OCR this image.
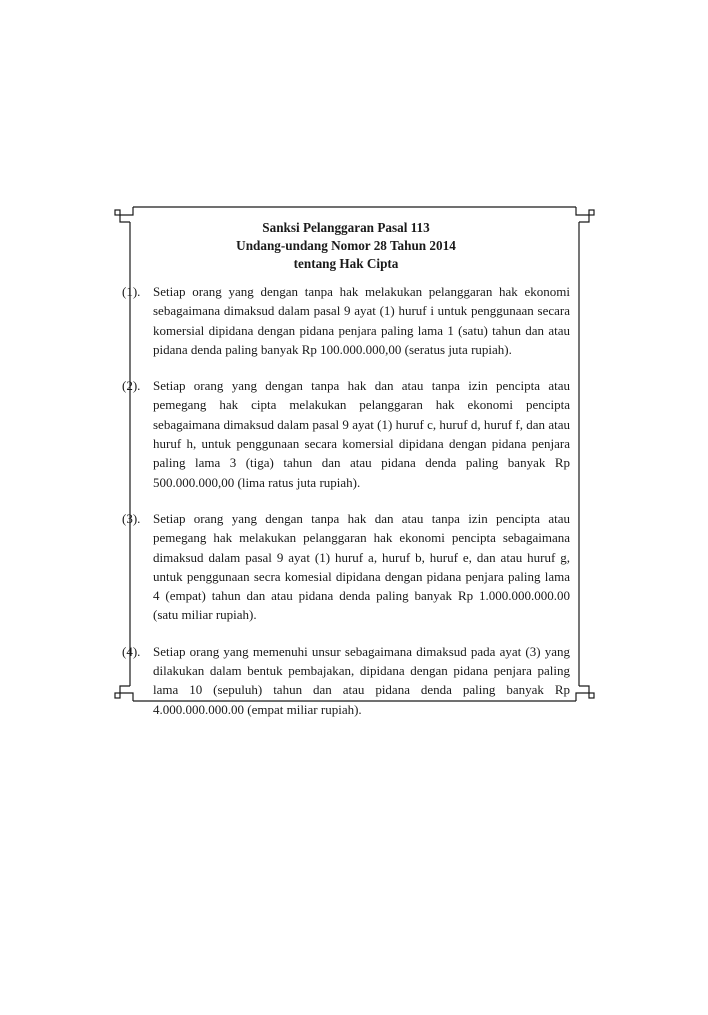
Sanksi Pelanggaran Pasal 113
Undang-undang Nomor 28 Tahun 2014
tentang Hak Cipta
(1). Setiap orang yang dengan tanpa hak melakukan pelanggaran hak ekonomi sebagaimana dimaksud dalam pasal 9 ayat (1) huruf i untuk penggunaan secara komersial dipidana dengan pidana penjara paling lama 1 (satu) tahun dan atau pidana denda paling banyak Rp 100.000.000,00 (seratus juta rupiah).
(2). Setiap orang yang dengan tanpa hak dan atau tanpa izin pencipta atau pemegang hak cipta melakukan pelanggaran hak ekonomi pencipta sebagaimana dimaksud dalam pasal 9 ayat (1) huruf c, huruf d, huruf f, dan atau huruf h, untuk penggunaan secara komersial dipidana dengan pidana penjara paling lama 3 (tiga) tahun dan atau pidana denda paling banyak Rp 500.000.000,00 (lima ratus juta rupiah).
(3). Setiap orang yang dengan tanpa hak dan atau tanpa izin pencipta atau pemegang hak melakukan pelanggaran hak ekonomi pencipta sebagaimana dimaksud dalam pasal 9 ayat (1) huruf a, huruf b, huruf e, dan atau huruf g, untuk penggunaan secra komesial dipidana dengan pidana penjara paling lama 4 (empat) tahun dan atau pidana denda paling banyak Rp 1.000.000.000.00 (satu miliar rupiah).
(4). Setiap orang yang memenuhi unsur sebagaimana dimaksud pada ayat (3) yang dilakukan dalam bentuk pembajakan, dipidana dengan pidana penjara paling lama 10 (sepuluh) tahun dan atau pidana denda paling banyak Rp 4.000.000.000.00 (empat miliar rupiah).
